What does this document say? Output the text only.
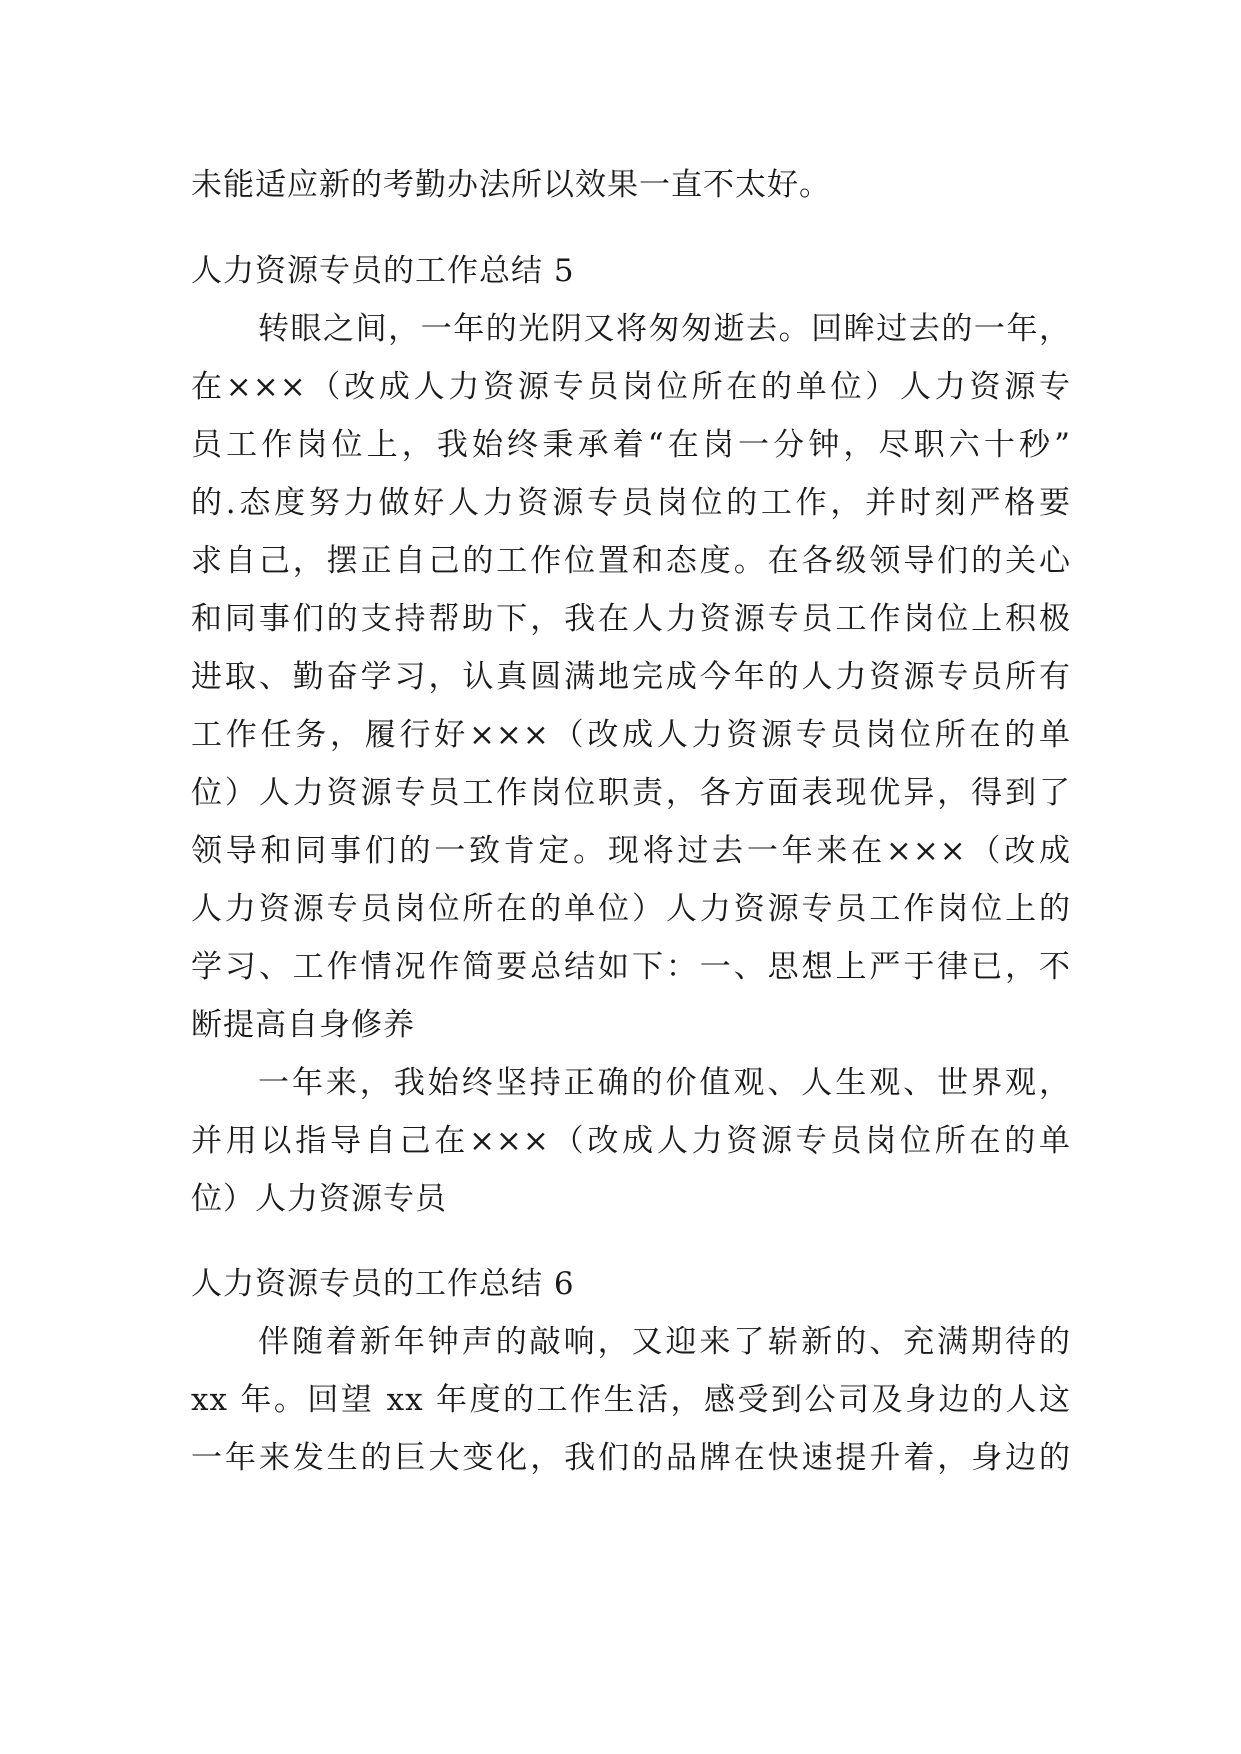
未能适应新的考勤办法所以效果一直不太好。
人力资源专员的工作总结 5
转眼之间，一年的光阴又将匆匆逝去。回眸过去的一年，
在×××（改成人力资源专员岗位所在的单位）人力资源专
员工作岗位上，我始终秉承着“在岗一分钟，尽职六十秒”
的.态度努力做好人力资源专员岗位的工作，并时刻严格要
求自己，摆正自己的工作位置和态度。在各级领导们的关心
和同事们的支持帮助下，我在人力资源专员工作岗位上积极
进取、勤奋学习，认真圆满地完成今年的人力资源专员所有
工作任务，履行好×××（改成人力资源专员岗位所在的单
位）人力资源专员工作岗位职责，各方面表现优异，得到了
领导和同事们的一致肯定。现将过去一年来在×××（改成
人力资源专员岗位所在的单位）人力资源专员工作岗位上的
学习、工作情况作简要总结如下：一、思想上严于律已，不
断提高自身修养
一年来，我始终坚持正确的价值观、人生观、世界观，
并用以指导自己在×××（改成人力资源专员岗位所在的单
位）人力资源专员
人力资源专员的工作总结 6
伴随着新年钟声的敲响，又迎来了崭新的、充满期待的
xx 年。回望 xx 年度的工作生活，感受到公司及身边的人这
一年来发生的巨大变化，我们的品牌在快速提升着，身边的
